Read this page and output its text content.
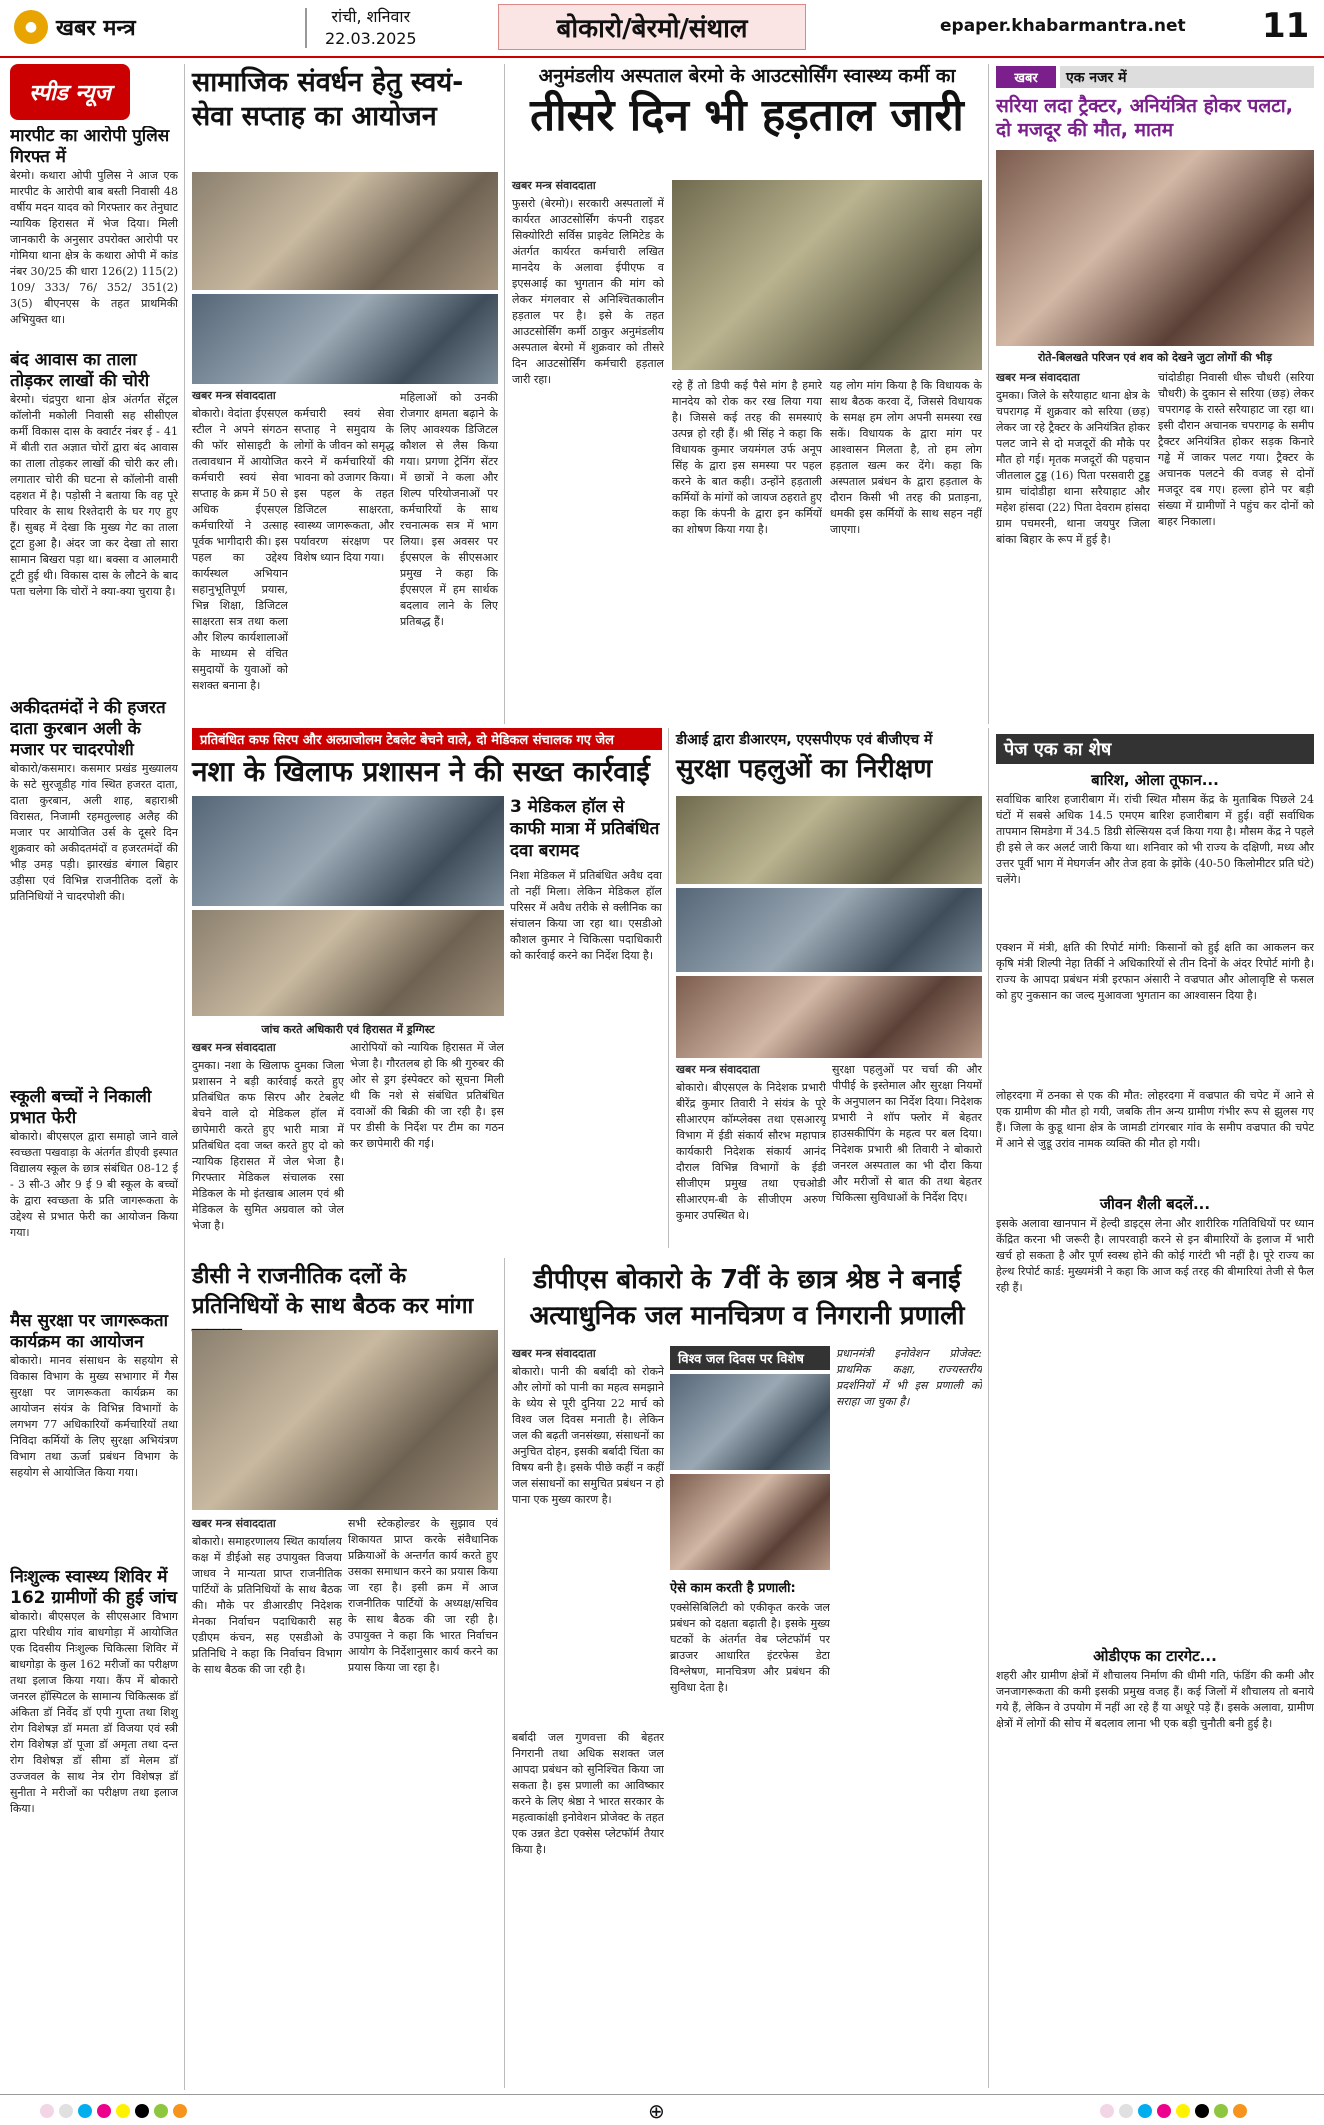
● खबर मन्त्र	रांची, शनिवार
22.03.2025	बोकारो/बेरमो/संथाल	epaper.khabarmantra.net 11
स्पीड न्यूज
मारपीट का आरोपी पुलिस गिरफ्त में
बेरमो। कथारा ओपी पुलिस ने आज एक मारपीट के आरोपी बाब बस्ती निवासी 48 वर्षीय मदन यादव को गिरफ्तार कर तेनुघाट न्यायिक हिरासत में भेज दिया। मिली जानकारी के अनुसार उपरोक्त आरोपी पर गोमिया थाना क्षेत्र के कथारा ओपी में कांड नंबर 30/25 की धारा 126(2) 115(2) 109/ 333/ 76/ 352/ 351(2) 3(5) बीएनएस के तहत प्राथमिकी अभियुक्त था।
बंद आवास का ताला तोड़कर लाखों की चोरी
बेरमो। चंद्रपुरा थाना क्षेत्र अंतर्गत सेंट्रल कॉलोनी मकोली निवासी सह सीसीएल कर्मी विकास दास के क्वार्टर नंबर ई - 41 में बीती रात अज्ञात चोरों द्वारा बंद आवास का ताला तोड़कर लाखों की चोरी कर ली। लगातार चोरी की घटना से कॉलोनी वासी दहशत में है। पड़ोसी ने बताया कि वह पूरे परिवार के साथ रिश्तेदारी के घर गए हुए हैं। सुबह में देखा कि मुख्य गेट का ताला टूटा हुआ है। अंदर जा कर देखा तो सारा सामान बिखरा पड़ा था। बक्सा व आलमारी टूटी हुई थी। विकास दास के लौटने के बाद पता चलेगा कि चोरों ने क्या-क्या चुराया है।
अकीदतमंदों ने की हजरत दाता कुरबान अली के मजार पर चादरपोशी
बोकारो/कसमार। कसमार प्रखंड मुख्यालय के सटे सुरजूडीह गांव स्थित हजरत दाता, दाता कुरबान, अली शाह, बहाराश्री विरासत, निजामी रहमतुल्लाह अलैह की मजार पर आयोजित उर्स के दूसरे दिन शुक्रवार को अकीदतमंदों व हजरतमंदों की भीड़ उमड़ पड़ी। झारखंड बंगाल बिहार उड़ीसा एवं विभिन्न राजनीतिक दलों के प्रतिनिधियों ने चादरपोशी की।
स्कूली बच्चों ने निकाली प्रभात फेरी
बोकारो। बीएसएल द्वारा समाहो जाने वाले स्वच्छता पखवाड़ा के अंतर्गत डीएवी इस्पात विद्यालय स्कूल के छात्र संबंधित 08-12 ई - 3 सी-3 और 9 ई 9 बी स्कूल के बच्चों के द्वारा स्वच्छता के प्रति जागरूकता के उद्देश्य से प्रभात फेरी का आयोजन किया गया।
मैस सुरक्षा पर जागरूकता कार्यक्रम का आयोजन
बोकारो। मानव संसाधन के सहयोग से विकास विभाग के मुख्य सभागार में गैस सुरक्षा पर जागरूकता कार्यक्रम का आयोजन संयंत्र के विभिन्न विभागों के लगभग 77 अधिकारियों कर्मचारियों तथा निविदा कर्मियों के लिए सुरक्षा अभियंत्रण विभाग तथा ऊर्जा प्रबंधन विभाग के सहयोग से आयोजित किया गया।
निःशुल्क स्वास्थ्य शिविर में 162 ग्रामीणों की हुई जांच
बोकारो। बीएसएल के सीएसआर विभाग द्वारा परिधीय गांव बाधगोड़ा में आयोजित एक दिवसीय निःशुल्क चिकित्सा शिविर में बाधगोड़ा के कुल 162 मरीजों का परीक्षण तथा इलाज किया गया। कैंप में बोकारो जनरल हॉस्पिटल के सामान्य चिकित्सक डॉ अंकिता डॉ निर्वेद डॉ एपी गुप्ता तथा शिशु रोग विशेषज्ञ डॉ ममता डॉ विजया एवं स्त्री रोग विशेषज्ञ डॉ पूजा डॉ अमृता तथा दन्त रोग विशेषज्ञ डॉ सीमा डॉ मेलम डॉ उज्जवल के साथ नेत्र रोग विशेषज्ञ डॉ सुनीता ने मरीजों का परीक्षण तथा इलाज किया।
सामाजिक संवर्धन हेतु स्वयं-सेवा सप्ताह का आयोजन
खबर मन्त्र संवाददाता
बोकारो। वेदांता ईएसएल स्टील ने अपने संगठन की फॉर सोसाइटी के तत्वावधान में आयोजित कर्मचारी स्वयं सेवा सप्ताह के क्रम में 50 से अधिक ईएसएल कर्मचारियों ने उत्साह पूर्वक भागीदारी की। इस पहल का उद्देश्य कार्यस्थल अभियान सहानुभूतिपूर्ण प्रयास, भिन्न शिक्षा, डिजिटल साक्षरता सत्र तथा कला और शिल्प कार्यशालाओं के माध्यम से वंचित समुदायों के युवाओं को सशक्त बनाना है।
कर्मचारी स्वयं सेवा सप्ताह ने समुदाय के लोगों के जीवन को समृद्ध करने में कर्मचारियों की भावना को उजागर किया। इस पहल के तहत डिजिटल साक्षरता, स्वास्थ्य जागरूकता, और पर्यावरण संरक्षण पर विशेष ध्यान दिया गया।
महिलाओं को उनकी रोजगार क्षमता बढ़ाने के लिए आवश्यक डिजिटल कौशल से लैस किया गया। प्रगणा ट्रेनिंग सेंटर में छात्रों ने कला और शिल्प परियोजनाओं पर कर्मचारियों के साथ रचनात्मक सत्र में भाग लिया। इस अवसर पर ईएसएल के सीएसआर प्रमुख ने कहा कि ईएसएल में हम सार्थक बदलाव लाने के लिए प्रतिबद्ध हैं।
अनुमंडलीय अस्पताल बेरमो के आउटसोर्सिंग स्वास्थ्य कर्मी का
तीसरे दिन भी हड़ताल जारी
खबर मन्त्र संवाददाता
फुसरो (बेरमो)। सरकारी अस्पतालों में कार्यरत आउटसोर्सिंग कंपनी राइडर सिक्योरिटी सर्विस प्राइवेट लिमिटेड के अंतर्गत कार्यरत कर्मचारी लखित मानदेय के अलावा ईपीएफ व इएसआई का भुगतान की मांग को लेकर मंगलवार से अनिश्चितकालीन हड़ताल पर है। इसे के तहत आउटसोर्सिंग कर्मी ठाकुर अनुमंडलीय अस्पताल बेरमो में शुक्रवार को तीसरे दिन आउटसोर्सिंग कर्मचारी हड़ताल जारी रहा।	रहे हैं तो डिपी कई पैसे मांग है हमारे मानदेय को रोक कर रख लिया गया है। जिससे कई तरह की समस्याएं उत्पन्न हो रही हैं। श्री सिंह ने कहा कि विधायक कुमार जयमंगल उर्फ अनूप सिंह के द्वारा इस समस्या पर पहल करने के बात कही। उन्होंने हड़ताली कर्मियों के मांगों को जायज ठहराते हुए कहा कि कंपनी के द्वारा इन कर्मियों का शोषण किया गया है।
यह लोग मांग किया है कि विधायक के साथ बैठक करवा दें, जिससे विधायक के समक्ष हम लोग अपनी समस्या रख सकें। विधायक के द्वारा मांग पर आश्वासन मिलता है, तो हम लोग हड़ताल खत्म कर देंगे। कहा कि अस्पताल प्रबंधन के द्वारा हड़ताल के दौरान किसी भी तरह की प्रताड़ना, धमकी इस कर्मियों के साथ सहन नहीं जाएगा।
खबर	एक नजर में
सरिया लदा ट्रैक्टर, अनियंत्रित होकर पलटा, दो मजदूर की मौत, मातम
रोते-बिलखते परिजन एवं शव को देखने जुटा लोगों की भीड़
खबर मन्त्र संवाददाता
दुमका। जिले के सरैयाहाट थाना क्षेत्र के चपरागढ़ में शुक्रवार को सरिया (छड़) लेकर जा रहे ट्रैक्टर के अनियंत्रित होकर पलट जाने से दो मजदूरों की मौके पर मौत हो गई। मृतक मजदूरों की पहचान जीतलाल टुड्ड (16) पिता परसवारी टुड्ड ग्राम चांदोडीहा थाना सरैयाहाट और महेश हांसदा (22) पिता देवराम हांसदा ग्राम पचमरनी, थाना जयपुर जिला बांका बिहार के रूप में हुई है।
चांदोडीहा निवासी धीरू चौधरी (सरिया चौधरी) के दुकान से सरिया (छड़) लेकर चपरागढ़ के रास्ते सरैयाहाट जा रहा था। इसी दौरान अचानक चपरागढ़ के समीप ट्रैक्टर अनियंत्रित होकर सड़क किनारे गड्ढे में जाकर पलट गया। ट्रैक्टर के अचानक पलटने की वजह से दोनों मजदूर दब गए। हल्ला होने पर बड़ी संख्या में ग्रामीणों ने पहुंच कर दोनों को बाहर निकाला।
प्रतिबंधित कफ सिरप और अल्प्राजोलम टेबलेट बेचने वाले, दो मेडिकल संचालक गए जेल
नशा के खिलाफ प्रशासन ने की सख्त कार्रवाई
जांच करते अधिकारी एवं हिरासत में ड्रग्गिस्ट
3 मेडिकल हॉल से काफी मात्रा में प्रतिबंधित दवा बरामद
निशा मेडिकल में प्रतिबंधित अवैध दवा तो नहीं मिला। लेकिन मेडिकल हॉल परिसर में अवैध तरीके से क्लीनिक का संचालन किया जा रहा था। एसडीओ कौशल कुमार ने चिकित्सा पदाधिकारी को कार्रवाई करने का निर्देश दिया है।
खबर मन्त्र संवाददाता
दुमका। नशा के खिलाफ दुमका जिला प्रशासन ने बड़ी कार्रवाई करते हुए प्रतिबंधित कफ सिरप और टेबलेट बेचने वाले दो मेडिकल हॉल में छापेमारी करते हुए भारी मात्रा में प्रतिबंधित दवा जब्त करते हुए दो को न्यायिक हिरासत में जेल भेजा है। गिरफ्तार मेडिकल संचालक रसा मेडिकल के मो इंतखाब आलम एवं श्री मेडिकल के सुमित अग्रवाल को जेल भेजा है।
आरोपियों को न्यायिक हिरासत में जेल भेजा है। गौरतलब हो कि श्री गुरुबर की ओर से ड्रग इंस्पेक्टर को सूचना मिली थी कि नशे से संबंधित प्रतिबंधित दवाओं की बिक्री की जा रही है। इस पर डीसी के निर्देश पर टीम का गठन कर छापेमारी की गई।
डीआई द्वारा डीआरएम, एएसपीएफ एवं बीजीएच में
सुरक्षा पहलुओं का निरीक्षण
खबर मन्त्र संवाददाता
बोकारो। बीएसएल के निदेशक प्रभारी बीरेंद्र कुमार तिवारी ने संयंत्र के पूरे सीआरएम कॉम्प्लेक्स तथा एसआरयू विभाग में ईडी संकार्य सौरभ महापात्र कार्यकारी निदेशक संकार्य आनंद दौराल विभिन्न विभागों के ईडी सीजीएम प्रमुख तथा एचओडी सीआरएम-बी के सीजीएम अरुण कुमार उपस्थित थे।
सुरक्षा पहलुओं पर चर्चा की और पीपीई के इस्तेमाल और सुरक्षा नियमों के अनुपालन का निर्देश दिया। निदेशक प्रभारी ने शॉप फ्लोर में बेहतर हाउसकीपिंग के महत्व पर बल दिया। निदेशक प्रभारी श्री तिवारी ने बोकारो जनरल अस्पताल का भी दौरा किया और मरीजों से बात की तथा बेहतर चिकित्सा सुविधाओं के निर्देश दिए।
डीसी ने राजनीतिक दलों के प्रतिनिधियों के साथ बैठक कर मांगा
खबर मन्त्र संवाददाता
बोकारो। समाहरणालय स्थित कार्यालय कक्ष में डीईओ सह उपायुक्त विजया जाधव ने मान्यता प्राप्त राजनीतिक पार्टियों के प्रतिनिधियों के साथ बैठक की। मौके पर डीआरडीए निदेशक मेनका निर्वाचन पदाधिकारी सह एडीएम कंचन, सह एसडीओ के प्रतिनिधि ने कहा कि निर्वाचन विभाग के साथ बैठक की जा रही है।
सभी स्टेकहोल्डर के सुझाव एवं शिकायत प्राप्त करके संवैधानिक प्रक्रियाओं के अन्तर्गत कार्य करते हुए उसका समाधान करने का प्रयास किया जा रहा है। इसी क्रम में आज राजनीतिक पार्टियों के अध्यक्ष/सचिव के साथ बैठक की जा रही है। उपायुक्त ने कहा कि भारत निर्वाचन आयोग के निर्देशानुसार कार्य करने का प्रयास किया जा रहा है।
डीपीएस बोकारो के 7वीं के छात्र श्रेष्ठ ने बनाई अत्याधुनिक जल मानचित्रण व निगरानी प्रणाली
खबर मन्त्र संवाददाता
बोकारो। पानी की बर्बादी को रोकने और लोगों को पानी का महत्व समझाने के ध्येय से पूरी दुनिया 22 मार्च को विश्व जल दिवस मनाती है। लेकिन जल की बढ़ती जनसंख्या, संसाधनों का अनुचित दोहन, इसकी बर्बादी चिंता का विषय बनी है। इसके पीछे कहीं न कहीं जल संसाधनों का समुचित प्रबंधन न हो पाना एक मुख्य कारण है।
विश्व जल दिवस पर विशेष	प्रधानमंत्री इनोवेशन प्रोजेक्ट: प्राथमिक कक्षा, राज्यस्तरीय प्रदर्शनियों में भी इस प्रणाली को सराहा जा चुका है।
बर्बादी जल गुणवत्ता की बेहतर निगरानी तथा अधिक सशक्त जल आपदा प्रबंधन को सुनिश्चित किया जा सकता है। इस प्रणाली का आविष्कार करने के लिए श्रेष्ठा ने भारत सरकार के महत्वाकांक्षी इनोवेशन प्रोजेक्ट के तहत एक उन्नत डेटा एक्सेस प्लेटफॉर्म तैयार किया है।
ऐसे काम करती है प्रणाली:
एक्सेसिबिलिटी को एकीकृत करके जल प्रबंधन को दक्षता बढ़ाती है। इसके मुख्य घटकों के अंतर्गत वेब प्लेटफॉर्म पर ब्राउजर आधारित इंटरफेस डेटा विश्लेषण, मानचित्रण और प्रबंधन की सुविधा देता है।
पेज एक का शेष
बारिश, ओला तूफान...
सर्वाधिक बारिश हजारीबाग में। रांची स्थित मौसम केंद्र के मुताबिक पिछले 24 घंटों में सबसे अधिक 14.5 एमएम बारिश हजारीबाग में हुई। वहीं सर्वाधिक तापमान सिमडेगा में 34.5 डिग्री सेल्सियस दर्ज किया गया है। मौसम केंद्र ने पहले ही इसे ले कर अलर्ट जारी किया था। शनिवार को भी राज्य के दक्षिणी, मध्य और उत्तर पूर्वी भाग में मेघगर्जन और तेज हवा के झोंके (40-50 किलोमीटर प्रति घंटे) चलेंगे।
एक्शन में मंत्री, क्षति की रिपोर्ट मांगी: किसानों को हुई क्षति का आकलन कर कृषि मंत्री शिल्पी नेहा तिर्की ने अधिकारियों से तीन दिनों के अंदर रिपोर्ट मांगी है। राज्य के आपदा प्रबंधन मंत्री इरफान अंसारी ने वज्रपात और ओलावृष्टि से फसल को हुए नुकसान का जल्द मुआवजा भुगतान का आश्वासन दिया है।
लोहरदगा में ठनका से एक की मौत: लोहरदगा में वज्रपात की चपेट में आने से एक ग्रामीण की मौत हो गयी, जबकि तीन अन्य ग्रामीण गंभीर रूप से झुलस गए हैं। जिला के कुडू थाना क्षेत्र के जामडी टांगरबार गांव के समीप वज्रपात की चपेट में आने से जुडू उरांव नामक व्यक्ति की मौत हो गयी।
जीवन शैली बदलें...
इसके अलावा खानपान में हेल्दी डाइट्स लेना और शारीरिक गतिविधियों पर ध्यान केंद्रित करना भी जरूरी है। लापरवाही करने से इन बीमारियों के इलाज में भारी खर्च हो सकता है और पूर्ण स्वस्थ होने की कोई गारंटी भी नहीं है। पूरे राज्य का हेल्थ रिपोर्ट कार्ड: मुख्यमंत्री ने कहा कि आज कई तरह की बीमारियां तेजी से फैल रही हैं।
ओडीएफ का टारगेट...
शहरी और ग्रामीण क्षेत्रों में शौचालय निर्माण की धीमी गति, फंडिंग की कमी और जनजागरूकता की कमी इसकी प्रमुख वजह हैं। कई जिलों में शौचालय तो बनाये गये हैं, लेकिन वे उपयोग में नहीं आ रहे हैं या अधूरे पड़े हैं। इसके अलावा, ग्रामीण क्षेत्रों में लोगों की सोच में बदलाव लाना भी एक बड़ी चुनौती बनी हुई है।
⊕
